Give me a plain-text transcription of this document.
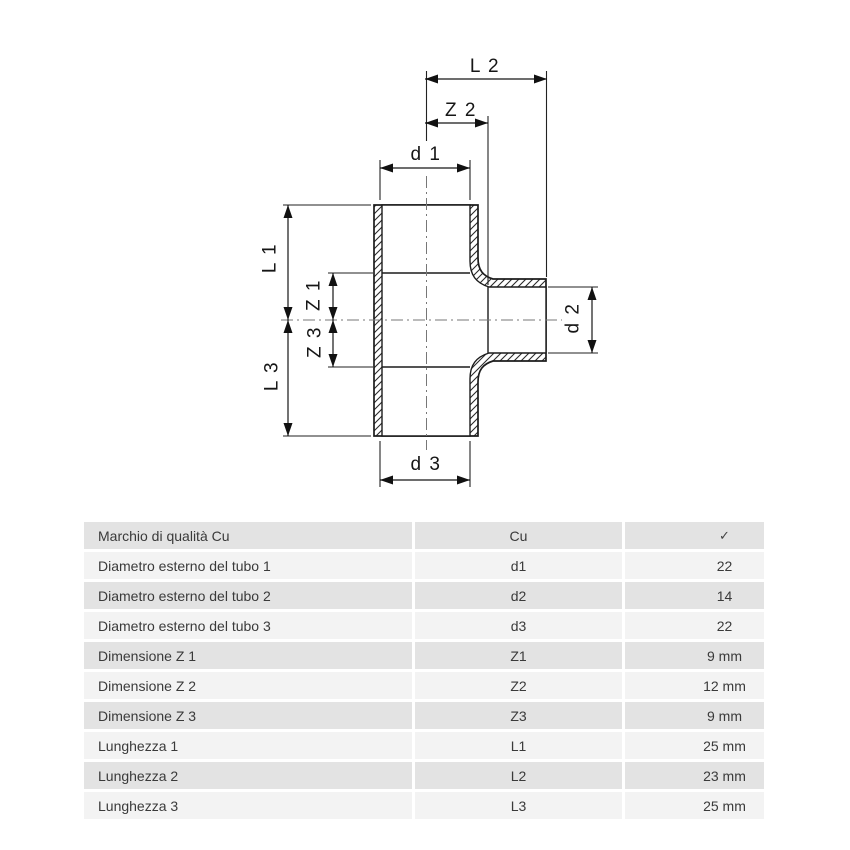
L 2
Z 2
d 1
d 3
L 1
Z 1
Z 3
L 3
d 2
Marchio di qualità Cu	Cu	✓
Diametro esterno del tubo 1	d1	22
Diametro esterno del tubo 2	d2	14
Diametro esterno del tubo 3	d3	22
Dimensione Z 1	Z1	9 mm
Dimensione Z 2	Z2	12 mm
Dimensione Z 3	Z3	9 mm
Lunghezza 1	L1	25 mm
Lunghezza 2	L2	23 mm
Lunghezza 3	L3	25 mm
